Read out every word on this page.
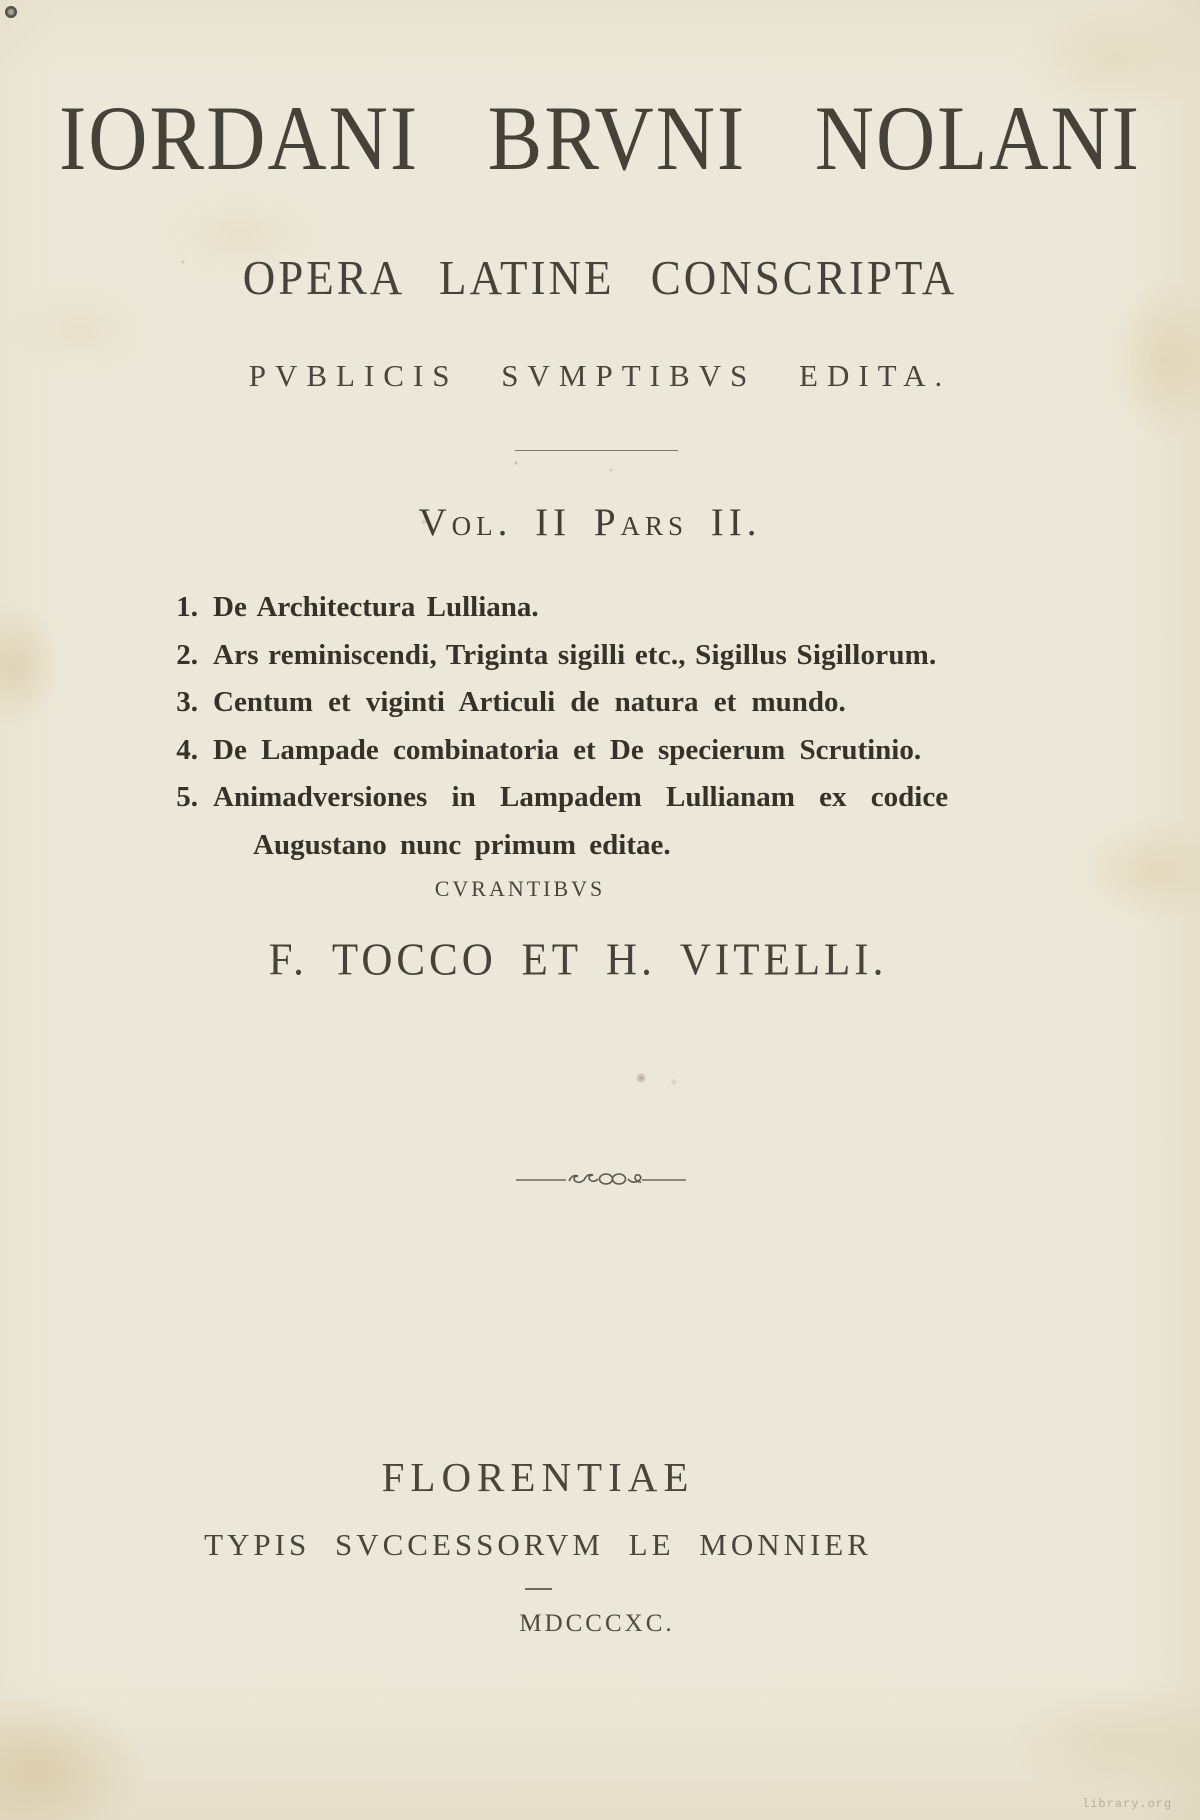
IORDANI BRVNI NOLANI
OPERA LATINE CONSCRIPTA
PVBLICIS SVMPTIBVS EDITA.
Vol. II Pars II.
1. De Architectura Lulliana.
2. Ars reminiscendi, Triginta sigilli etc., Sigillus Sigillorum.
3. Centum et viginti Articuli de natura et mundo.
4. De Lampade combinatoria et De specierum Scrutinio.
5. Animadversiones in Lampadem Lullianam ex codice
Augustano nunc primum editae.
CVRANTIBVS
F. TOCCO ET H. VITELLI.
FLORENTIAE
TYPIS SVCCESSORVM LE MONNIER
MDCCCXC.
library.org
